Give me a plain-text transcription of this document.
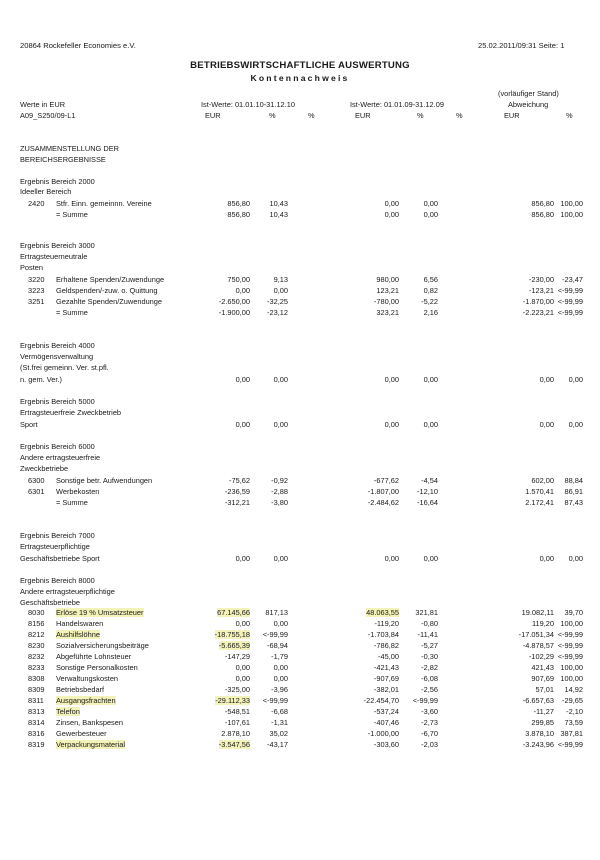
20864 Rockefeller Economies e.V.	25.02.2011/09:31 Seite: 1
BETRIEBSWIRTSCHAFTLICHE AUSWERTUNG
Kontennachweis
(vorläufiger Stand)
Werte in EUR	Ist-Werte: 01.01.10-31.12.10	Ist-Werte: 01.01.09-31.12.09	Abweichung
A09_S250/09-L1	EUR	%	%	EUR	%	%	EUR	%
ZUSAMMENSTELLUNG DER
BEREICHSERGEBNISSE
Ergebnis Bereich 2000
Ideeller Bereich
2420 Stfr. Einn. gemeinnn. Vereine	856,80	10,43	0,00	0,00	856,80 100,00
= Summe	856,80	10,43	0,00	0,00	856,80 100,00
Ergebnis Bereich 3000
Ertragsteuerneutrale
Posten
3220 Erhaltene Spenden/Zuwendunge	750,00	9,13	980,00	6,56	-230,00	-23,47
3223 Geldspenden/-zuw. o. Quittung	0,00	0,00	123,21	0,82	-123,21 <-99,99
3251 Gezahlte Spenden/Zuwendunge	-2.650,00	-32,25	-780,00	-5,22	-1.870,00 <-99,99
= Summe	-1.900,00	-23,12	323,21	2,16	-2.223,21 <-99,99
Ergebnis Bereich 4000
Vermögensverwaltung
(St.frei gemeinn. Ver. st.pfl.
n. gem. Ver.)	0,00	0,00	0,00	0,00	0,00	0,00
Ergebnis Bereich 5000
Ertragsteuerfreie Zweckbetrieb
Sport	0,00	0,00	0,00	0,00	0,00	0,00
Ergebnis Bereich 6000
Andere ertragsteuerfreie
Zweckbetriebe
6300 Sonstige betr. Aufwendungen	-75,62	-0,92	-677,62	-4,54	602,00	88,84
6301 Werbekosten	-236,59	-2,88	-1.807,00	-12,10	1.570,41	86,91
= Summe	-312,21	-3,80	-2.484,62	-16,64	2.172,41	87,43
Ergebnis Bereich 7000
Ertragsteuerpflichtige
Geschäftsbetriebe Sport	0,00	0,00	0,00	0,00	0,00	0,00
Ergebnis Bereich 8000
Andere ertragsteuerpflichtige
Geschäftsbetriebe
8030 Erlöse 19 % Umsatzsteuer	67.145,66	817,13	48.063,55	321,81	19.082,11	39,70
8156 Handelswaren	0,00	0,00	-119,20	-0,80	119,20 100,00
8212 Aushilfslöhne	-18.755,18	<-99,99	-1.703,84	-11,41	-17.051,34 <-99,99
8230 Sozialversicherungsbeiträge	-5.665,39	-68,94	-786,82	-5,27	-4.878,57 <-99,99
8232 Abgeführte Lohnsteuer	-147,29	-1,79	-45,00	-0,30	-102,29 <-99,99
8233 Sonstige Personalkosten	0,00	0,00	-421,43	-2,82	421,43 100,00
8308 Verwaltungskosten	0,00	0,00	-907,69	-6,08	907,69 100,00
8309 Betriebsbedarf	-325,00	-3,96	-382,01	-2,56	57,01	14,92
8311 Ausgangsfrachten	-29.112,33	<-99,99	-22.454,70	<-99,99	-6.657,63	-29,65
8313 Telefon	-548,51	-6,68	-537,24	-3,60	-11,27	-2,10
8314 Zinsen, Bankspesen	-107,61	-1,31	-407,46	-2,73	299,85	73,59
8316 Gewerbesteuer	2.878,10	35,02	-1.000,00	-6,70	3.878,10 387,81
8319 Verpackungsmaterial	-3.547,56	-43,17	-303,60	-2,03	-3.243,96 <-99,99
